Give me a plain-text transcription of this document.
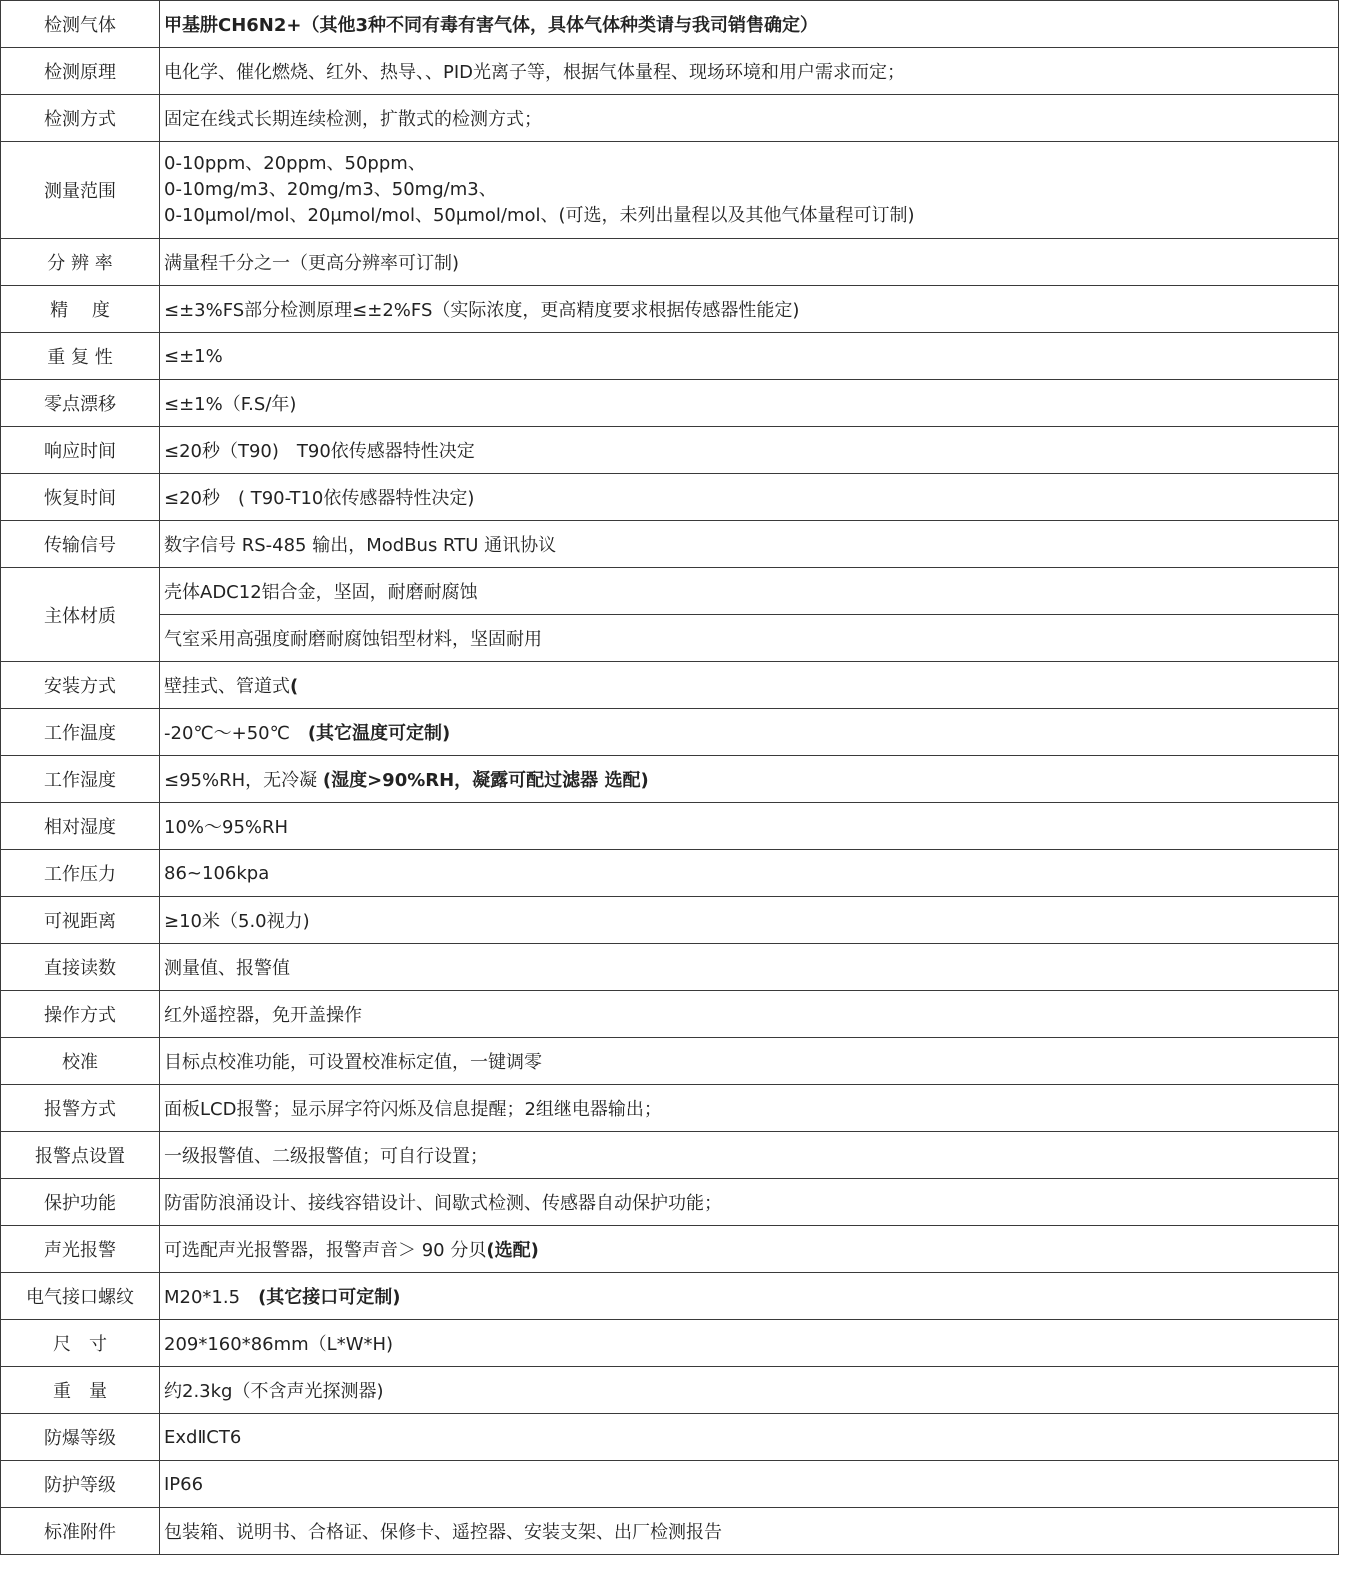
检测气体	甲基肼CH6N2+（其他3种不同有毒有害气体，具体气体种类请与我司销售确定）
检测原理	电化学、催化燃烧、红外、热导、、PID光离子等，根据气体量程、现场环境和用户需求而定；
检测方式	固定在线式长期连续检测，扩散式的检测方式；
测量范围	0-10ppm、20ppm、50ppm、
0-10mg/m3、20mg/m3、50mg/m3、
0-10μmol/mol、20μmol/mol、50μmol/mol、(可选，未列出量程以及其他气体量程可订制)

分 辨 率	满量程千分之一（更高分辨率可订制)
精　 度	≤±3%FS部分检测原理≤±2%FS（实际浓度，更高精度要求根据传感器性能定)
重 复 性	≤±1%
零点漂移	≤±1%（F.S/年)
响应时间	≤20秒（T90)　T90依传感器特性决定
恢复时间	≤20秒　( T90-T10依传感器特性决定)
传输信号	数字信号 RS-485 输出，ModBus RTU 通讯协议
主体材质	壳体ADC12铝合金，坚固，耐磨耐腐蚀
	气室采用高强度耐磨耐腐蚀铝型材料，坚固耐用
安装方式	壁挂式、管道式(
工作温度	-20℃～+50℃　(其它温度可定制)
工作湿度	≤95%RH，无冷凝 (湿度>90%RH，凝露可配过滤器 选配)
相对湿度	10%～95%RH
工作压力	86~106kpa
可视距离	≥10米（5.0视力)
直接读数	测量值、报警值
操作方式	红外遥控器，免开盖操作
校准	目标点校准功能，可设置校准标定值，一键调零
报警方式	面板LCD报警；显示屏字符闪烁及信息提醒；2组继电器输出；
报警点设置	一级报警值、二级报警值；可自行设置；
保护功能	防雷防浪涌设计、接线容错设计、间歇式检测、传感器自动保护功能；
声光报警	可选配声光报警器，报警声音＞ 90 分贝(选配)
电气接口螺纹	M20*1.5　(其它接口可定制)
尺　寸	209*160*86mm（L*W*H)
重　量	约2.3kg（不含声光探测器)
防爆等级	ExdⅡCT6
防护等级	IP66
标准附件	包装箱、说明书、合格证、保修卡、遥控器、安装支架、出厂检测报告
